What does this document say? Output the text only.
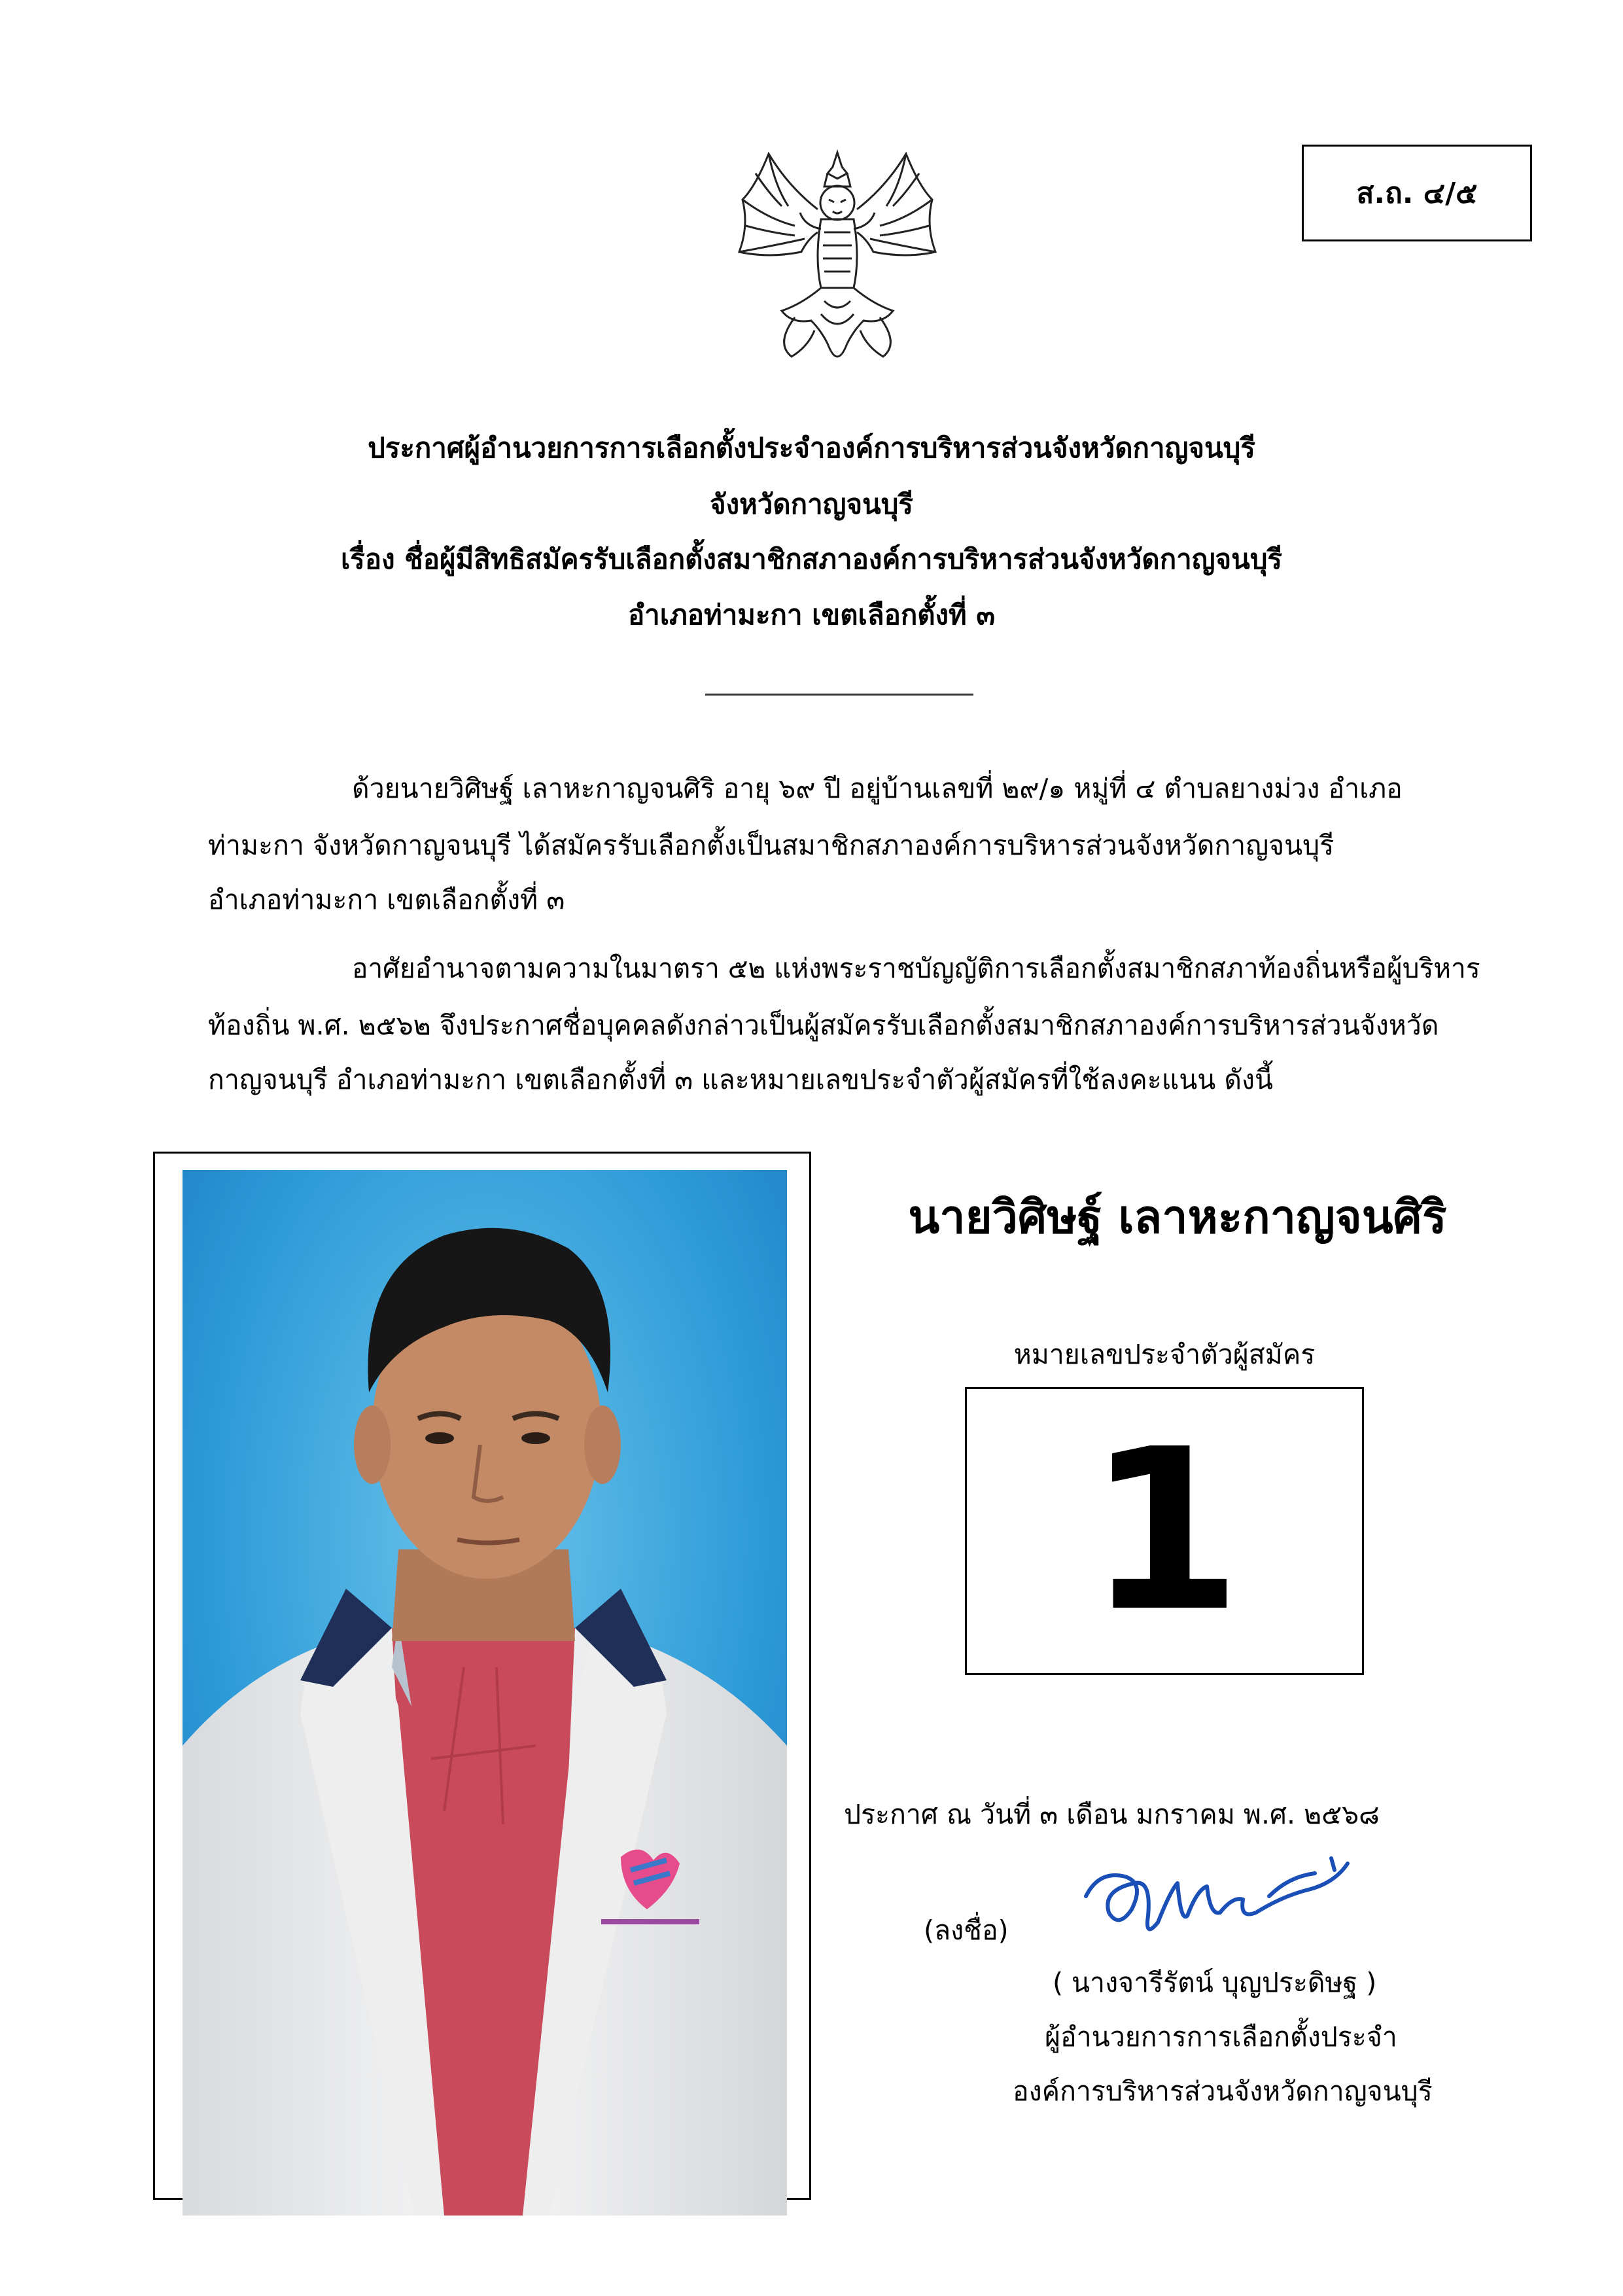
ส.ถ. ๔/๕
ประกาศผู้อำนวยการการเลือกตั้งประจำองค์การบริหารส่วนจังหวัดกาญจนบุรี
จังหวัดกาญจนบุรี
เรื่อง ชื่อผู้มีสิทธิสมัครรับเลือกตั้งสมาชิกสภาองค์การบริหารส่วนจังหวัดกาญจนบุรี
อำเภอท่ามะกา เขตเลือกตั้งที่ ๓
ด้วยนายวิศิษฐ์ เลาหะกาญจนศิริ อายุ ๖๙ ปี อยู่บ้านเลขที่ ๒๙/๑ หมู่ที่ ๔ ตำบลยางม่วง อำเภอ
ท่ามะกา จังหวัดกาญจนบุรี ได้สมัครรับเลือกตั้งเป็นสมาชิกสภาองค์การบริหารส่วนจังหวัดกาญจนบุรี
อำเภอท่ามะกา เขตเลือกตั้งที่ ๓
อาศัยอำนาจตามความในมาตรา ๕๒ แห่งพระราชบัญญัติการเลือกตั้งสมาชิกสภาท้องถิ่นหรือผู้บริหาร
ท้องถิ่น พ.ศ. ๒๕๖๒ จึงประกาศชื่อบุคคลดังกล่าวเป็นผู้สมัครรับเลือกตั้งสมาชิกสภาองค์การบริหารส่วนจังหวัด
กาญจนบุรี อำเภอท่ามะกา เขตเลือกตั้งที่ ๓ และหมายเลขประจำตัวผู้สมัครที่ใช้ลงคะแนน ดังนี้
นายวิศิษฐ์ เลาหะกาญจนศิริ
หมายเลขประจำตัวผู้สมัคร
1
ประกาศ ณ วันที่ ๓ เดือน มกราคม พ.ศ. ๒๕๖๘
(ลงชื่อ)
( นางจารีรัตน์ บุญประดิษฐ )
ผู้อำนวยการการเลือกตั้งประจำ
องค์การบริหารส่วนจังหวัดกาญจนบุรี
